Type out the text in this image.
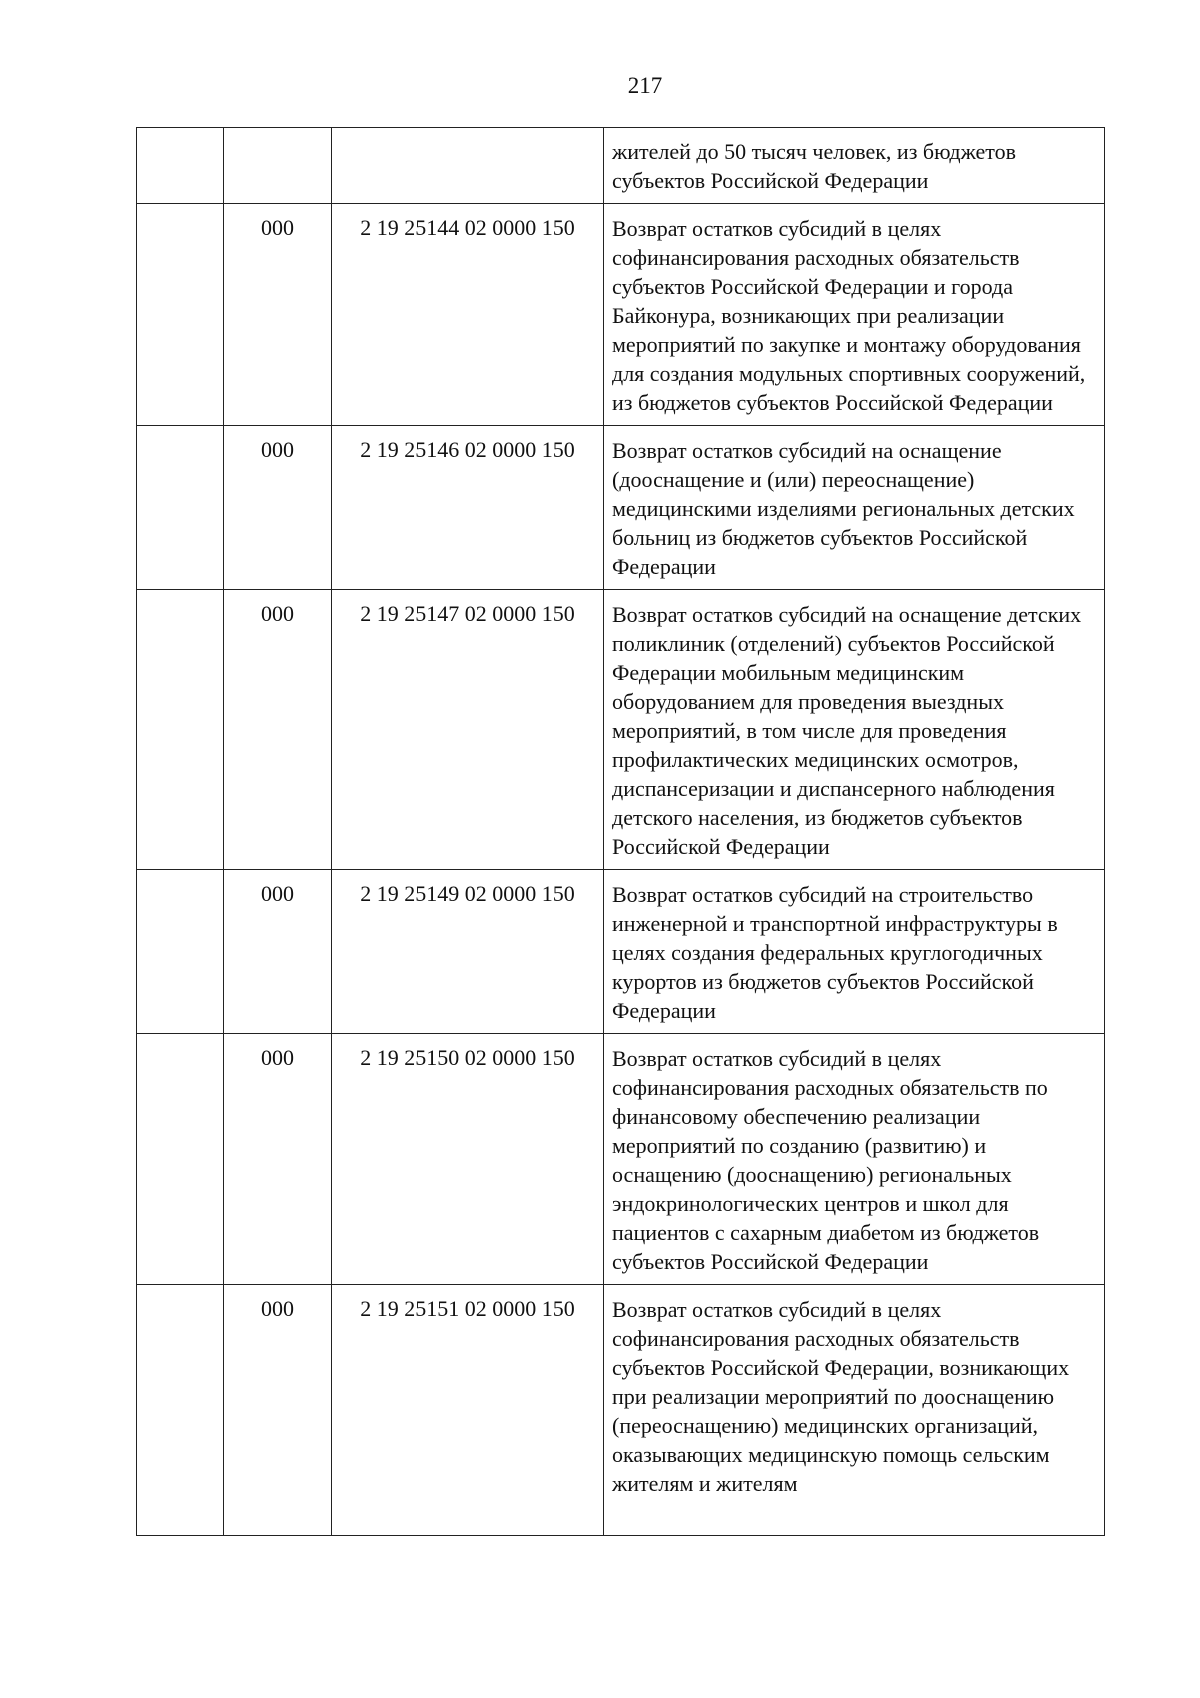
217
			жителей до 50 тысяч человек, из бюджетов субъектов Российской Федерации
	000	2 19 25144 02 0000 150	Возврат остатков субсидий в целях софинансирования расходных обязательств субъектов Российской Федерации и города Байконура, возникающих при реализации мероприятий по закупке и монтажу оборудования для создания модульных спортивных сооружений, из бюджетов субъектов Российской Федерации
	000	2 19 25146 02 0000 150	Возврат остатков субсидий на оснащение (дооснащение и (или) переоснащение) медицинскими изделиями региональных детских больниц из бюджетов субъектов Российской Федерации
	000	2 19 25147 02 0000 150	Возврат остатков субсидий на оснащение детских поликлиник (отделений) субъектов Российской Федерации мобильным медицинским оборудованием для проведения выездных мероприятий, в том числе для проведения профилактических медицинских осмотров, диспансеризации и диспансерного наблюдения детского населения, из бюджетов субъектов Российской Федерации
	000	2 19 25149 02 0000 150	Возврат остатков субсидий на строительство инженерной и транспортной инфраструктуры в целях создания федеральных круглогодичных курортов из бюджетов субъектов Российской Федерации
	000	2 19 25150 02 0000 150	Возврат остатков субсидий в целях софинансирования расходных обязательств по финансовому обеспечению реализации мероприятий по созданию (развитию) и оснащению (дооснащению) региональных эндокринологических центров и школ для пациентов с сахарным диабетом из бюджетов субъектов Российской Федерации
	000	2 19 25151 02 0000 150	Возврат остатков субсидий в целях софинансирования расходных обязательств субъектов Российской Федерации, возникающих при реализации мероприятий по дооснащению (переоснащению) медицинских организаций, оказывающих медицинскую помощь сельским жителям и жителям
